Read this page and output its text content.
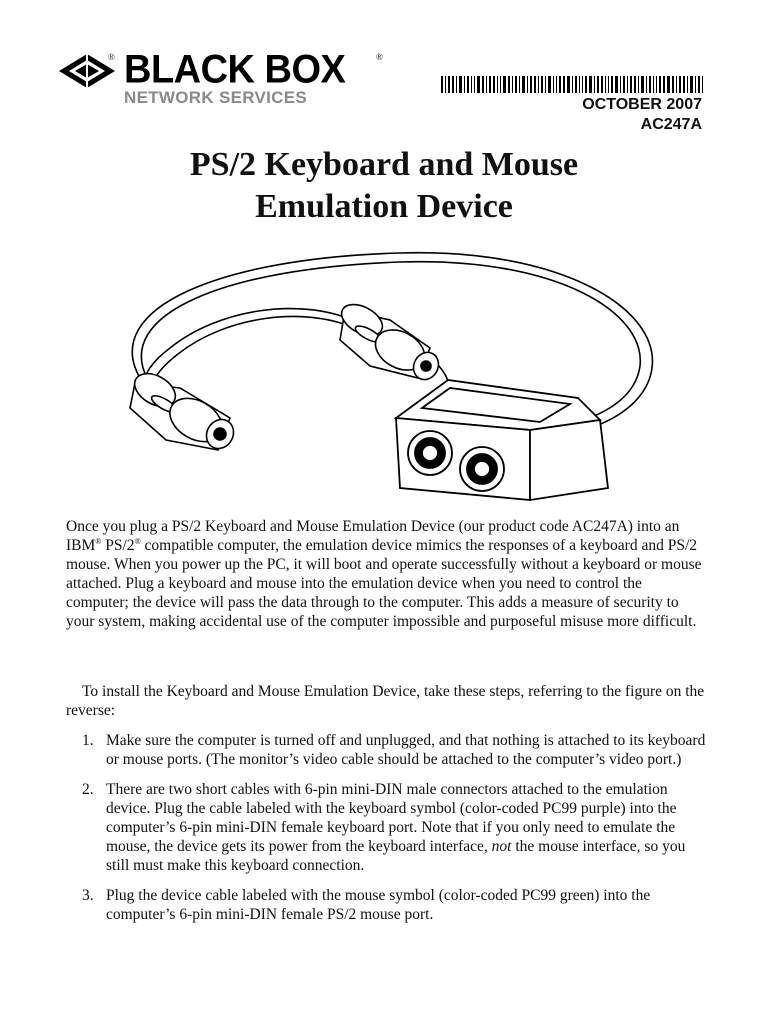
® BLACK BOX	®
NETWORK SERVICES	OCTOBER 2007
AC247A
PS/2 Keyboard and Mouse
Emulation Device

Once you plug a PS/2 Keyboard and Mouse Emulation Device (our product code AC247A) into an IBM® PS/2® compatible computer, the emulation device mimics the responses of a keyboard and PS/2 mouse. When you power up the PC, it will boot and operate successfully without a keyboard or mouse attached. Plug a keyboard and mouse into the emulation device when you need to control the computer; the device will pass the data through to the computer. This adds a measure of security to your system, making accidental use of the computer impossible and purposeful misuse more difficult.

To install the Keyboard and Mouse Emulation Device, take these steps, referring to the figure on the reverse:

1. Make sure the computer is turned off and unplugged, and that nothing is attached to its keyboard or mouse ports. (The monitor’s video cable should be attached to the computer’s video port.)
2. There are two short cables with 6-pin mini-DIN male connectors attached to the emulation device. Plug the cable labeled with the keyboard symbol (color-coded PC99 purple) into the computer’s 6-pin mini-DIN female keyboard port. Note that if you only need to emulate the mouse, the device gets its power from the keyboard interface, not the mouse interface, so you still must make this keyboard connection.
3. Plug the device cable labeled with the mouse symbol (color-coded PC99 green) into the computer’s 6-pin mini-DIN female PS/2 mouse port.
